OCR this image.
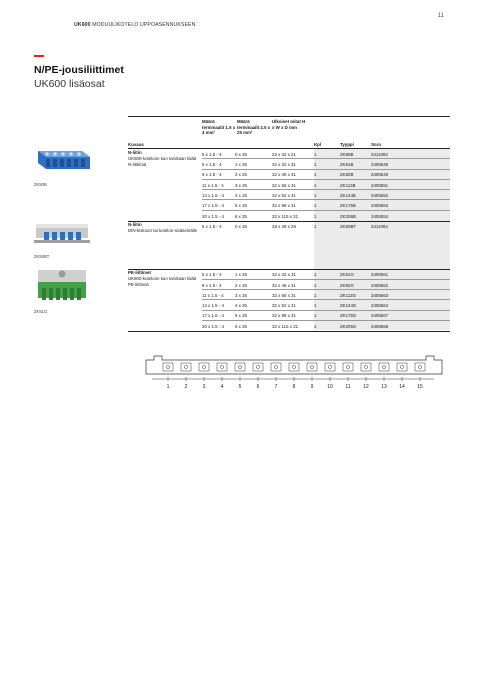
11
UK600 MODUULIKOTELO UPPOASENNUKSEEN
N/PE-jousiliittimet
UK600 lisäosat
ZK50B
ZK50BT
ZK51G
Kuvaus
Määrä terminaalit 1.5 x 4 mm²
Määrä terminaalit 2.5 x 25 mm²
Ulkoiset mitat H x W x D mm
Kpl	Tyyppi	Snro
N-liitin
UK600-koteloon kun tarvitaan lisää N-liittimiä
5 x 1.5 - 4	0 x 25	23 x 32 x 21	1	ZK50B	3411093
5 x 1.5 - 4	1 x 25	32 x 32 x 31	1	ZK51B	3405548
8 x 1.5 - 4	2 x 25	32 x 49 x 31	1	ZK82B	3405549
11 x 1.5 - 4	3 x 25	32 x 65 x 31	1	ZK113B	3405551
14 x 1.5 - 4	4 x 25	32 x 82 x 31	1	ZK144B	3405552
17 x 1.5 - 4	5 x 25	32 x 98 x 31	1	ZK175B	3405553
20 x 1.5 - 4	6 x 25	32 x 115 x 31	1	ZK206B	3405554
N-liitin
DIN-kiskoon tai kotelon sisäseinälle
5 x 1.5 - 4	0 x 25	28 x 39 x 29	1	ZK50BT	3411093
PE-liittimet
UK600-koteloon kun tarvitaan lisää PE-liittimiä
5 x 1.5 - 4	1 x 25	32 x 32 x 31	1	ZK51G	3405561
8 x 1.5 - 4	2 x 25	32 x 49 x 31	1	ZK82G	3405562
11 x 1.5 - 4	3 x 25	32 x 65 x 31	1	ZK113G	3405563
14 x 1.5 - 4	4 x 25	32 x 82 x 31	1	ZK144G	3405564
17 x 1.5 - 4	5 x 25	32 x 98 x 31	1	ZK175G	3405567
20 x 1.5 - 4	6 x 25	32 x 115 x 31	1	ZK206G	3405568
1	2	3	4	5	6	7	8	9	10	11	12	13	14	15
